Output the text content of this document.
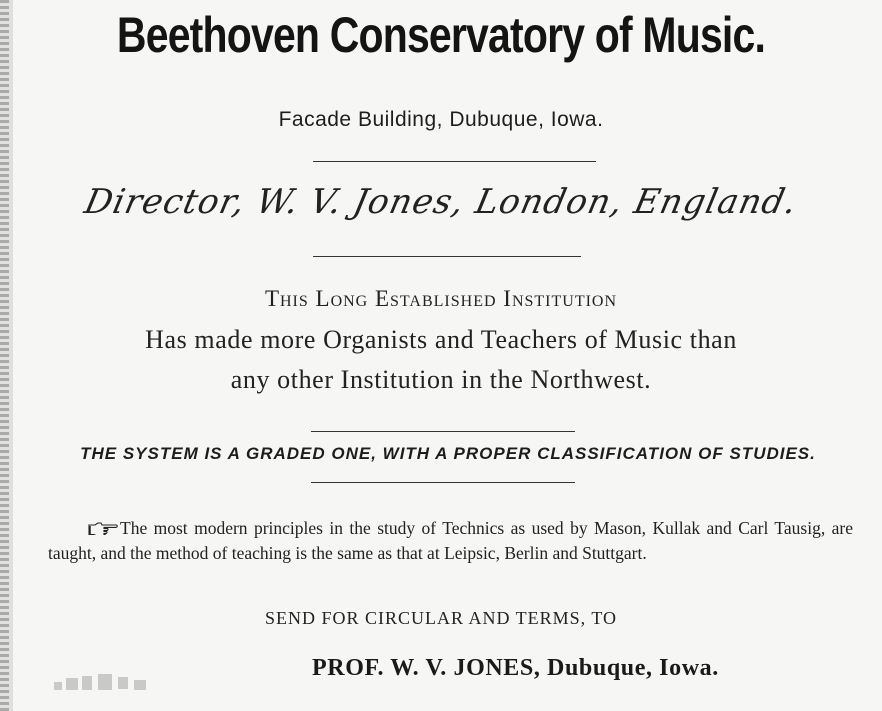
Beethoven Conservatory of Music.
Facade Building, Dubuque, Iowa.
Director, W. V. Jones, London, England.
This Long Established Institution
Has made more Organists and Teachers of Music than
any other Institution in the Northwest.
THE SYSTEM IS A GRADED ONE, WITH A PROPER CLASSIFICATION OF STUDIES.
The most modern principles in the study of Technics as used by Mason, Kullak and Carl Tausig, are taught, and the method of teaching is the same as that at Leipsic, Berlin and Stuttgart.
SEND FOR CIRCULAR AND TERMS, TO
PROF. W. V. JONES, Dubuque, Iowa.
